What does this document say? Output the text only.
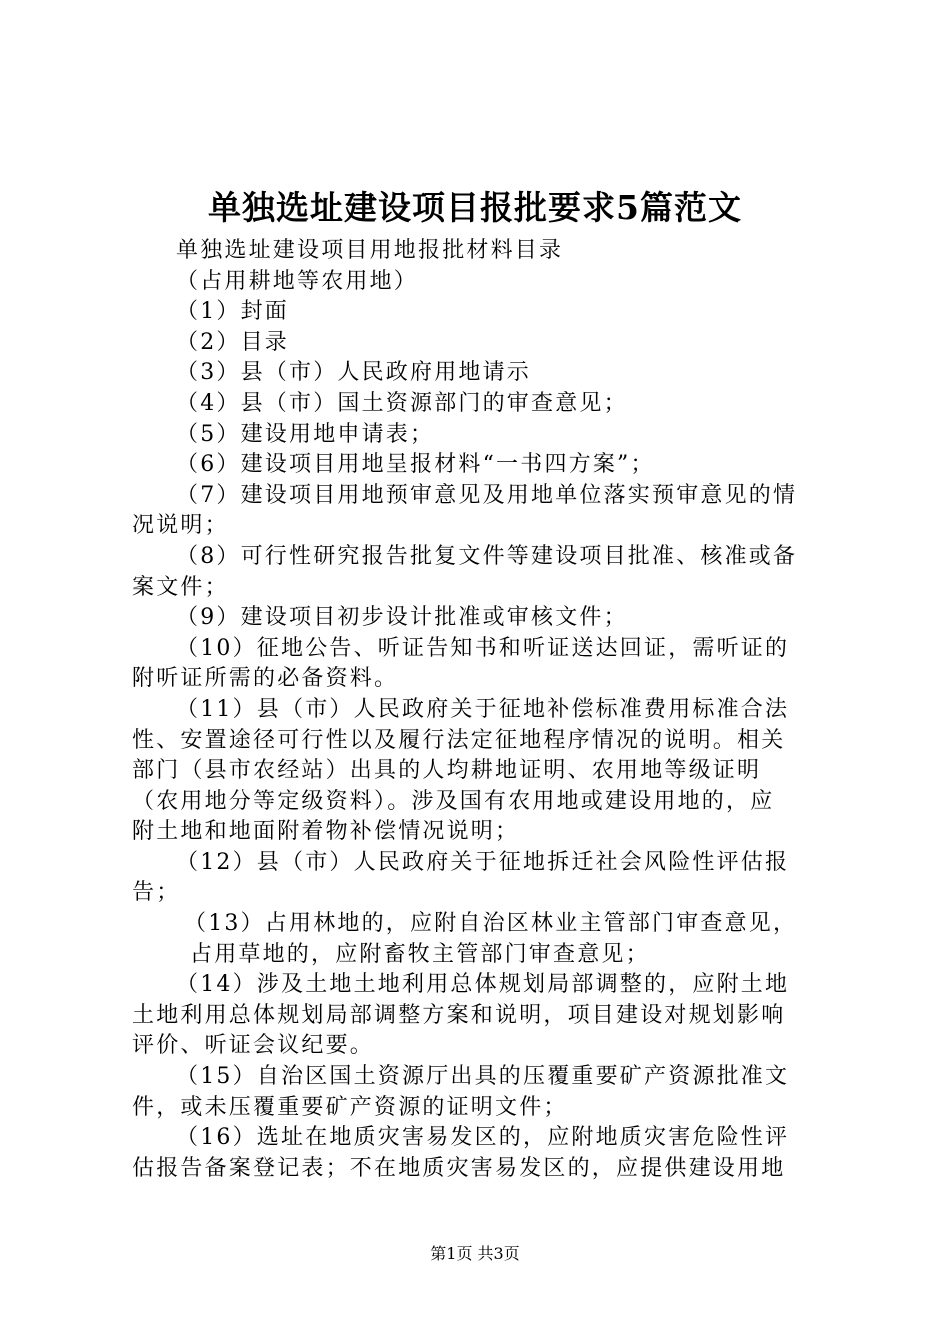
单独选址建设项目报批要求5篇范文
单独选址建设项目用地报批材料目录
（占用耕地等农用地）
（1）封面
（2）目录
（3）县（市）人民政府用地请示
（4）县（市）国土资源部门的审查意见；
（5）建设用地申请表；
（6）建设项目用地呈报材料“一书四方案”；
（7）建设项目用地预审意见及用地单位落实预审意见的情
况说明；
（8）可行性研究报告批复文件等建设项目批准、核准或备
案文件；
（9）建设项目初步设计批准或审核文件；
（10）征地公告、听证告知书和听证送达回证，需听证的
附听证所需的必备资料。
（11）县（市）人民政府关于征地补偿标准费用标准合法
性、安置途径可行性以及履行法定征地程序情况的说明。相关
部门（县市农经站）出具的人均耕地证明、农用地等级证明
（农用地分等定级资料）。涉及国有农用地或建设用地的，应
附土地和地面附着物补偿情况说明；
（12）县（市）人民政府关于征地拆迁社会风险性评估报
告；
（13）占用林地的，应附自治区林业主管部门审查意见，
占用草地的，应附畜牧主管部门审查意见；
（14）涉及土地土地利用总体规划局部调整的，应附土地
土地利用总体规划局部调整方案和说明，项目建设对规划影响
评价、听证会议纪要。
（15）自治区国土资源厅出具的压覆重要矿产资源批准文
件，或未压覆重要矿产资源的证明文件；
（16）选址在地质灾害易发区的，应附地质灾害危险性评
估报告备案登记表；不在地质灾害易发区的，应提供建设用地
第1页 共3页
